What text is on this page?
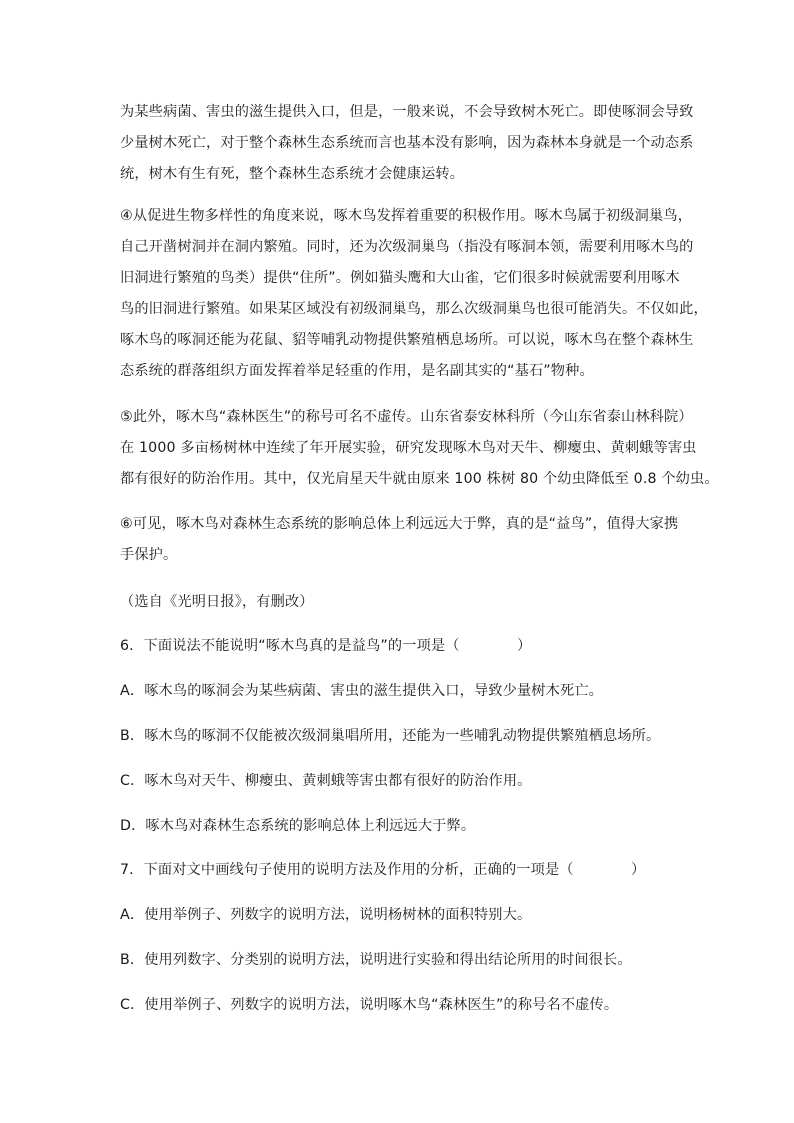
为某些病菌、害虫的滋生提供入口，但是，一般来说，不会导致树木死亡。即使啄洞会导致
少量树木死亡，对于整个森林生态系统而言也基本没有影响，因为森林本身就是一个动态系
统，树木有生有死，整个森林生态系统才会健康运转。
④从促进生物多样性的角度来说，啄木鸟发挥着重要的积极作用。啄木鸟属于初级洞巢鸟，
自己开凿树洞并在洞内繁殖。同时，还为次级洞巢鸟（指没有啄洞本领，需要利用啄木鸟的
旧洞进行繁殖的鸟类）提供“住所”。例如猫头鹰和大山雀，它们很多时候就需要利用啄木
鸟的旧洞进行繁殖。如果某区域没有初级洞巢鸟，那么次级洞巢鸟也很可能消失。不仅如此，
啄木鸟的啄洞还能为花鼠、貂等哺乳动物提供繁殖栖息场所。可以说，啄木鸟在整个森林生
态系统的群落组织方面发挥着举足轻重的作用，是名副其实的“基石”物种。
⑤此外，啄木鸟“森林医生”的称号可名不虚传。山东省泰安林科所（今山东省泰山林科院）
在 1000 多亩杨树林中连续了年开展实验，研究发现啄木鸟对天牛、柳瘿虫、黄刺蛾等害虫
都有很好的防治作用。其中，仅光肩星天牛就由原来 100 株树 80 个幼虫降低至 0.8 个幼虫。
⑥可见，啄木鸟对森林生态系统的影响总体上利远远大于弊，真的是“益鸟”，值得大家携
手保护。
（选自《光明日报》，有删改）
6．下面说法不能说明“啄木鸟真的是益鸟”的一项是（　　　　）
A．啄木鸟的啄洞会为某些病菌、害虫的滋生提供入口，导致少量树木死亡。
B．啄木鸟的啄洞不仅能被次级洞巢唱所用，还能为一些哺乳动物提供繁殖栖息场所。
C．啄木鸟对天牛、柳瘿虫、黄刺蛾等害虫都有很好的防治作用。
D．啄木鸟对森林生态系统的影响总体上利远远大于弊。
7．下面对文中画线句子使用的说明方法及作用的分析，正确的一项是（　　　　）
A．使用举例子、列数字的说明方法，说明杨树林的面积特别大。
B．使用列数字、分类别的说明方法，说明进行实验和得出结论所用的时间很长。
C．使用举例子、列数字的说明方法，说明啄木鸟“森林医生”的称号名不虚传。
